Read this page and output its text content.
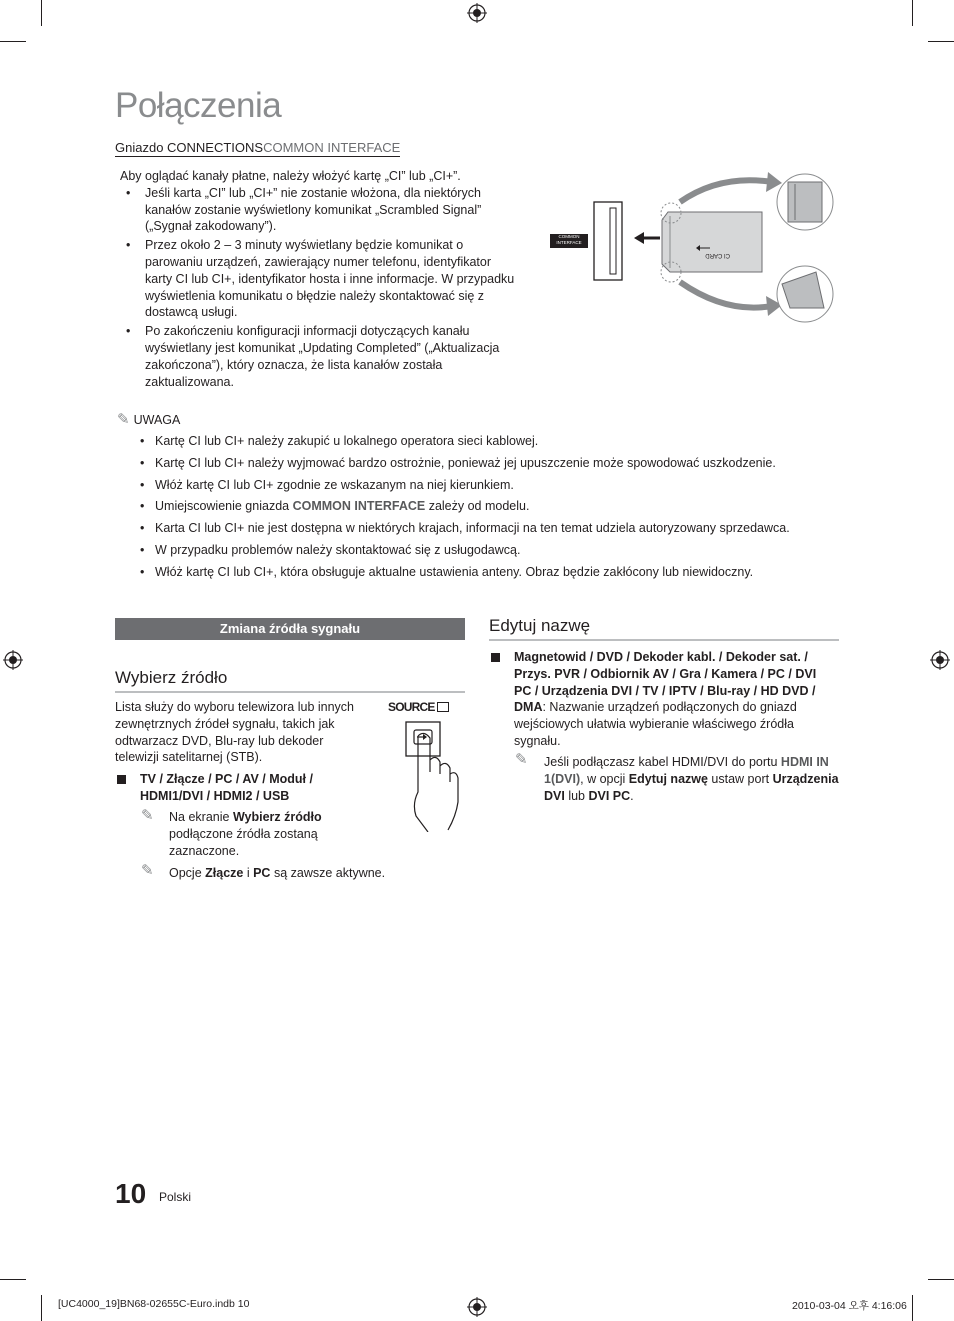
Połączenia
Gniazdo CONNECTIONSCOMMON INTERFACE
Aby oglądać kanały płatne, należy włożyć kartę „CI” lub „CI+”.
• Jeśli karta „CI” lub „CI+” nie zostanie włożona, dla niektórych kanałów zostanie wyświetlony komunikat „Scrambled Signal” („Sygnał zakodowany”).
• Przez około 2 – 3 minuty wyświetlany będzie komunikat o parowaniu urządzeń, zawierający numer telefonu, identyfikator karty CI lub CI+, identyfikator hosta i inne informacje. W przypadku wyświetlenia komunikatu o błędzie należy skontaktować się z dostawcą usługi.
• Po zakończeniu konfiguracji informacji dotyczących kanału wyświetlany jest komunikat „Updating Completed” („Aktualizacja zakończona”), który oznacza, że lista kanałów została zaktualizowana.
CI CARD
COMMON INTERFACE
✎ UWAGA
• Kartę CI lub CI+ należy zakupić u lokalnego operatora sieci kablowej.
• Kartę CI lub CI+ należy wyjmować bardzo ostrożnie, ponieważ jej upuszczenie może spowodować uszkodzenie.
• Włóż kartę CI lub CI+ zgodnie ze wskazanym na niej kierunkiem.
• Umiejscowienie gniazda COMMON INTERFACE zależy od modelu.
• Karta CI lub CI+ nie jest dostępna w niektórych krajach, informacji na ten temat udziela autoryzowany sprzedawca.
• W przypadku problemów należy skontaktować się z usługodawcą.
• Włóż kartę CI lub CI+, która obsługuje aktualne ustawienia anteny. Obraz będzie zakłócony lub niewidoczny.
Zmiana źródła sygnału
Wybierz źródło
Lista służy do wyboru telewizora lub innych zewnętrznych źródeł sygnału, takich jak odtwarzacz DVD, Blu-ray lub dekoder telewizji satelitarnej (STB).
TV / Złącze / PC / AV / Moduł / HDMI1/DVI / HDMI2 / USB
✎ Na ekranie Wybierz źródło podłączone źródła zostaną zaznaczone.
✎ Opcje Złącze i PC są zawsze aktywne.
SOURCE
Edytuj nazwę
Magnetowid / DVD / Dekoder kabl. / Dekoder sat. / Przys. PVR / Odbiornik AV / Gra / Kamera / PC / DVI PC / Urządzenia DVI / TV / IPTV / Blu-ray / HD DVD / DMA: Nazwanie urządzeń podłączonych do gniazd wejściowych ułatwia wybieranie właściwego źródła sygnału.
✎ Jeśli podłączasz kabel HDMI/DVI do portu HDMI IN 1(DVI), w opcji Edytuj nazwę ustaw port Urządzenia DVI lub DVI PC.
10 Polski
[UC4000_19]BN68-02655C-Euro.indb 10	2010-03-04 오후 4:16:06
